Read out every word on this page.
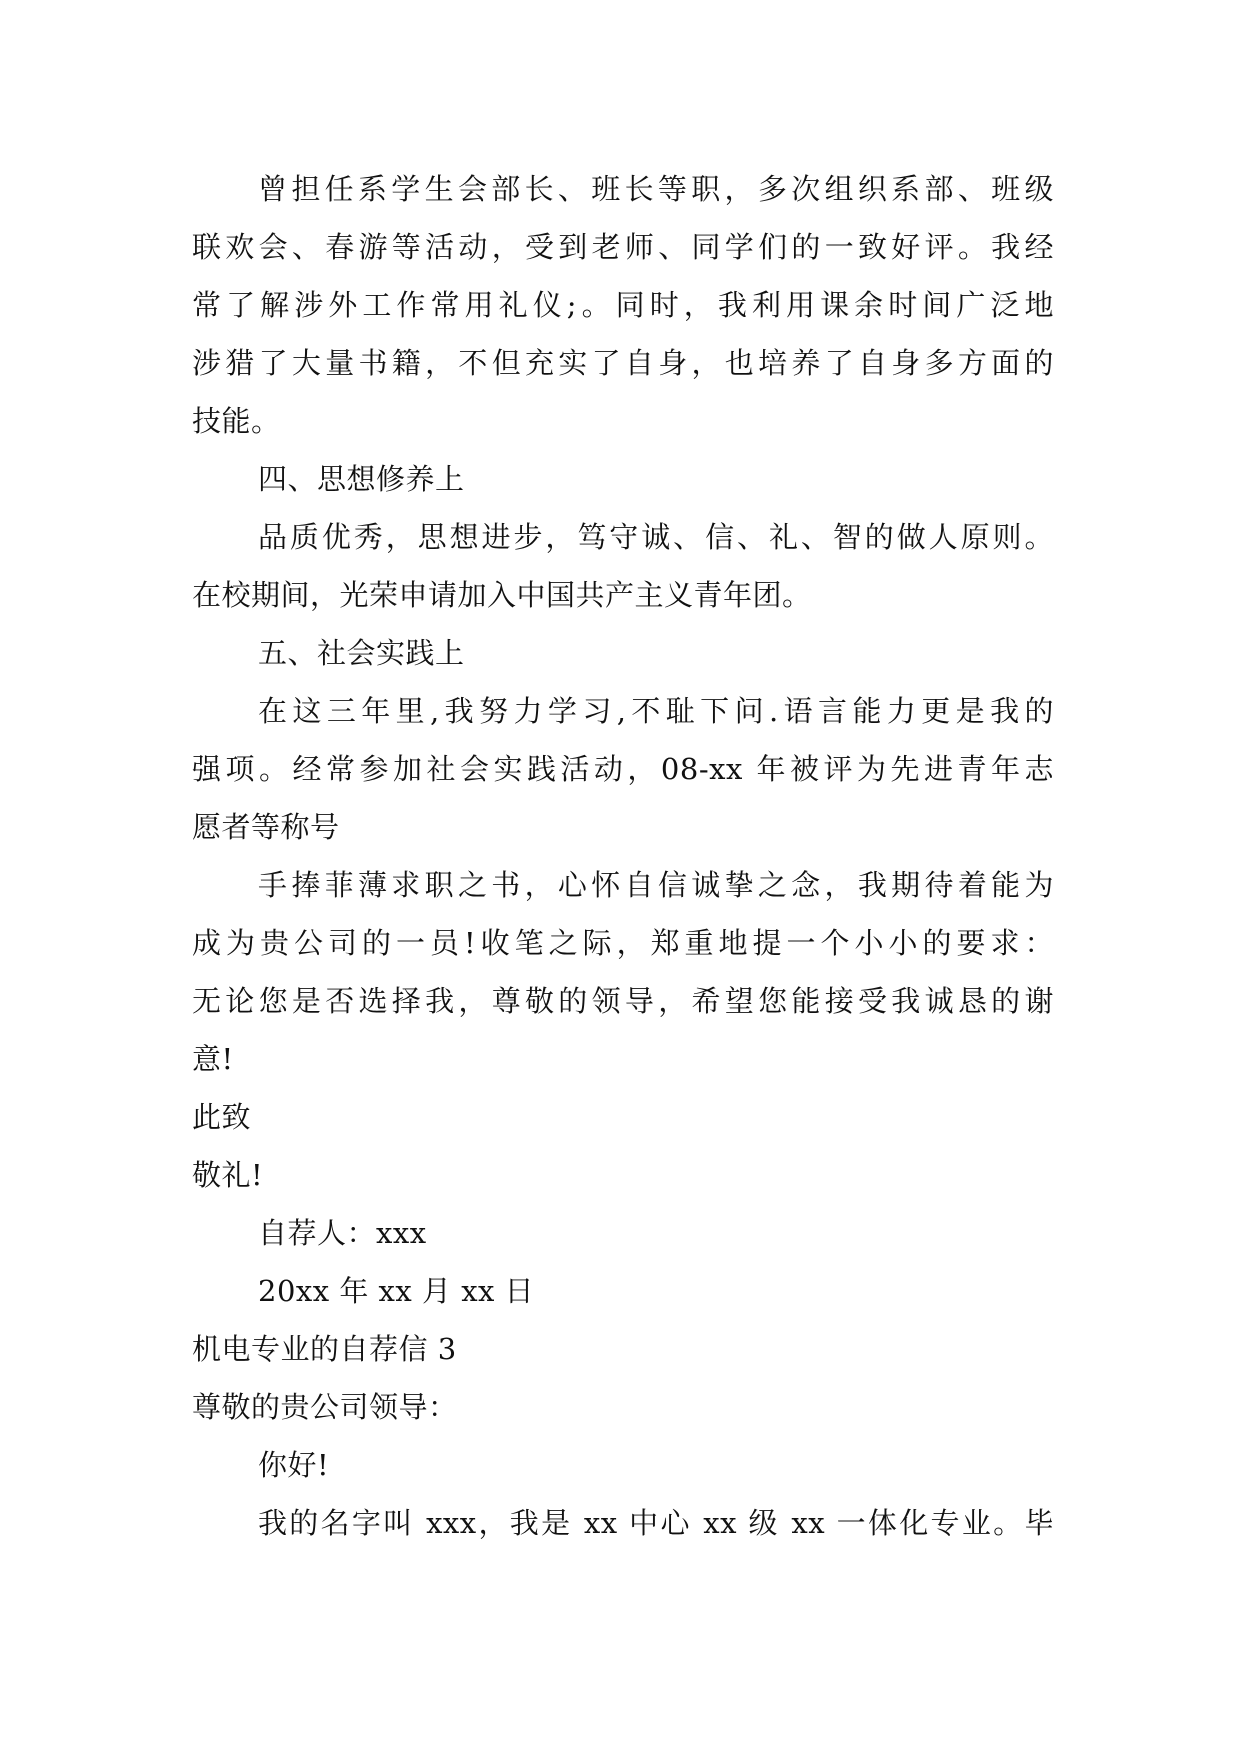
曾担任系学生会部长、班长等职，多次组织系部、班级
联欢会、春游等活动，受到老师、同学们的一致好评。我经
常了解涉外工作常用礼仪;。同时，我利用课余时间广泛地
涉猎了大量书籍，不但充实了自身，也培养了自身多方面的
技能。
四、思想修养上
品质优秀，思想进步，笃守诚、信、礼、智的做人原则。
在校期间，光荣申请加入中国共产主义青年团。
五、社会实践上
在这三年里,我努力学习,不耻下问.语言能力更是我的
强项。经常参加社会实践活动，08-xx 年被评为先进青年志
愿者等称号
手捧菲薄求职之书，心怀自信诚挚之念，我期待着能为
成为贵公司的一员!收笔之际，郑重地提一个小小的要求：
无论您是否选择我，尊敬的领导，希望您能接受我诚恳的谢
意!
此致
敬礼!
自荐人：xxx
20xx 年 xx 月 xx 日
机电专业的自荐信 3
尊敬的贵公司领导：
你好!
我的名字叫 xxx，我是 xx 中心 xx 级 xx 一体化专业。毕
